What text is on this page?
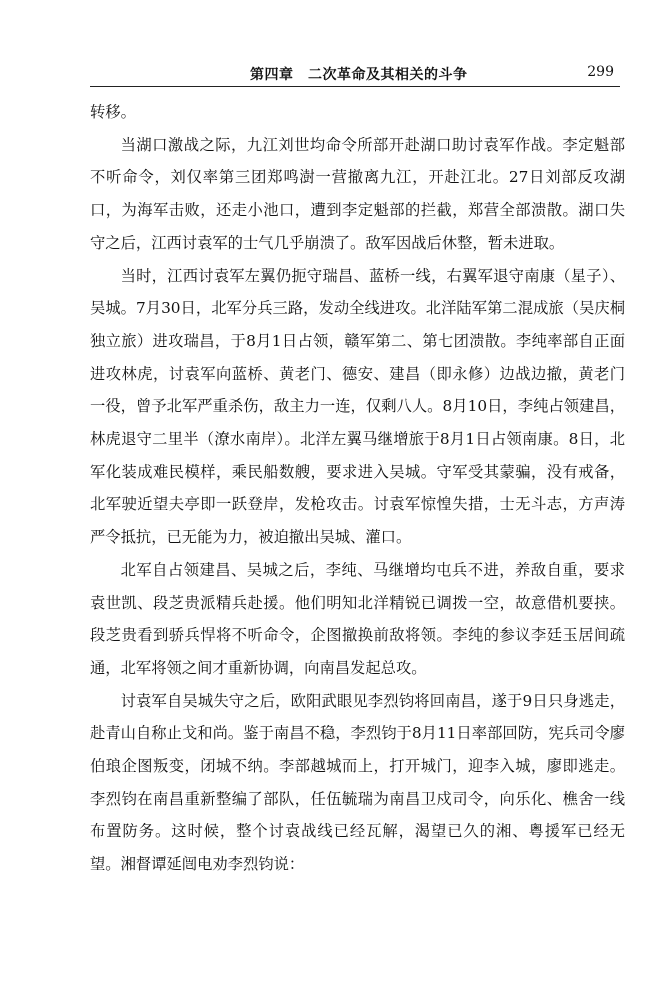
第四章　二次革命及其相关的斗争	299

转移。

当湖口激战之际，九江刘世均命令所部开赴湖口助讨袁军作战。李定魁部不听命令，刘仅率第三团郑鸣澍一营撤离九江，开赴江北。27日刘部反攻湖口，为海军击败，还走小池口，遭到李定魁部的拦截，郑营全部溃散。湖口失守之后，江西讨袁军的士气几乎崩溃了。敌军因战后休整，暂未进取。

当时，江西讨袁军左翼仍扼守瑞昌、蓝桥一线，右翼军退守南康（星子）、吴城。7月30日，北军分兵三路，发动全线进攻。北洋陆军第二混成旅（吴庆桐独立旅）进攻瑞昌，于8月1日占领，赣军第二、第七团溃散。李纯率部自正面进攻林虎，讨袁军向蓝桥、黄老门、德安、建昌（即永修）边战边撤，黄老门一役，曾予北军严重杀伤，敌主力一连，仅剩八人。8月10日，李纯占领建昌，林虎退守二里半（潦水南岸）。北洋左翼马继增旅于8月1日占领南康。8日，北军化装成难民模样，乘民船数艘，要求进入吴城。守军受其蒙骗，没有戒备，北军驶近望夫亭即一跃登岸，发枪攻击。讨袁军惊惶失措，士无斗志，方声涛严令抵抗，已无能为力，被迫撤出吴城、灌口。

北军自占领建昌、吴城之后，李纯、马继增均屯兵不进，养敌自重，要求袁世凯、段芝贵派精兵赴援。他们明知北洋精锐已调拨一空，故意借机要挟。段芝贵看到骄兵悍将不听命令，企图撤换前敌将领。李纯的参议李廷玉居间疏通，北军将领之间才重新协调，向南昌发起总攻。

讨袁军自吴城失守之后，欧阳武眼见李烈钧将回南昌，遂于9日只身逃走，赴青山自称止戈和尚。鉴于南昌不稳，李烈钧于8月11日率部回防，宪兵司令廖伯琅企图叛变，闭城不纳。李部越城而上，打开城门，迎李入城，廖即逃走。李烈钧在南昌重新整编了部队，任伍毓瑞为南昌卫戍司令，向乐化、樵舍一线布置防务。这时候，整个讨袁战线已经瓦解，渴望已久的湘、粤援军已经无望。湘督谭延闿电劝李烈钧说：
